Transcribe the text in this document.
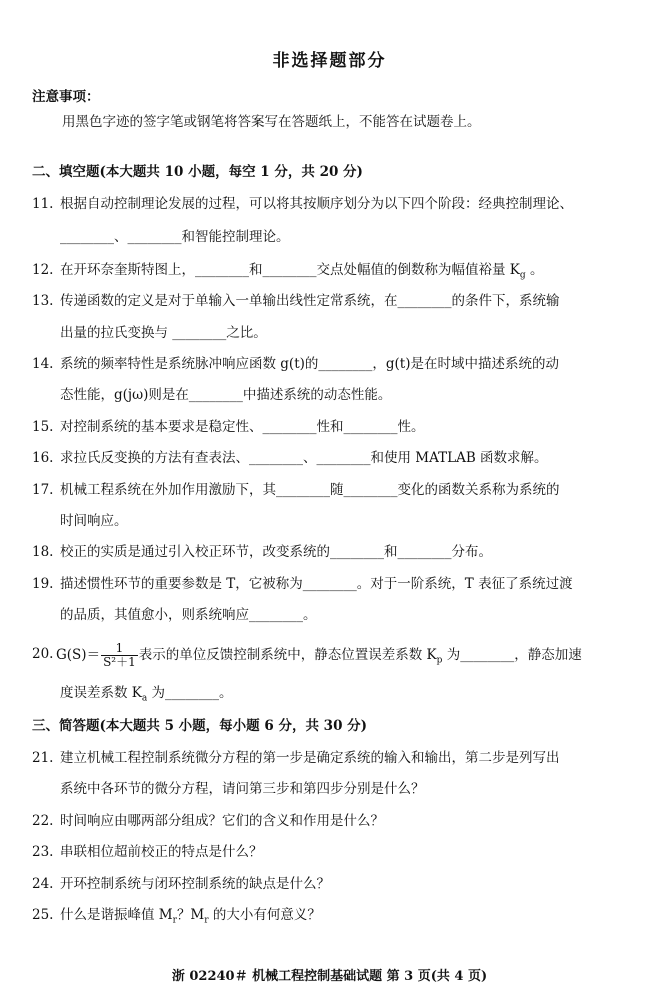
非选择题部分
注意事项：
用黑色字迹的签字笔或钢笔将答案写在答题纸上，不能答在试题卷上。
二、填空题(本大题共 10 小题，每空 1 分，共 20 分)
11. 根据自动控制理论发展的过程，可以将其按顺序划分为以下四个阶段：经典控制理论、
________、________和智能控制理论。
12. 在开环奈奎斯特图上，________和________交点处幅值的倒数称为幅值裕量 $K_g$ 。
13. 传递函数的定义是对于单输入一单输出线性定常系统，在________的条件下，系统输
出量的拉氏变换与 ________之比。
14. 系统的频率特性是系统脉冲响应函数 g(t)的________，g(t)是在时域中描述系统的动
态性能，g(jω)则是在________中描述系统的动态性能。
15. 对控制系统的基本要求是稳定性、________性和________性。
16. 求拉氏反变换的方法有查表法、________、________和使用 MATLAB 函数求解。
17. 机械工程系统在外加作用激励下，其________随________变化的函数关系称为系统的
时间响应。
18. 校正的实质是通过引入校正环节，改变系统的________和________分布。
19. 描述惯性环节的重要参数是 T，它被称为________。对于一阶系统，T 表征了系统过渡
的品质，其值愈小，则系统响应________。
20. $G(S)= \frac{1}{\text{S²＋1}}$ 表示的单位反馈控制系统中，静态位置误差系数 $K_p$ 为________，静态加速
度误差系数 $K_a$ 为________。
三、简答题(本大题共 5 小题，每小题 6 分，共 30 分)
21. 建立机械工程控制系统微分方程的第一步是确定系统的输入和输出，第二步是列写出
系统中各环节的微分方程，请问第三步和第四步分别是什么？
22. 时间响应由哪两部分组成？它们的含义和作用是什么？
23. 串联相位超前校正的特点是什么？
24. 开环控制系统与闭环控制系统的缺点是什么？
25. 什么是谐振峰值 $M_r$？$M_r$ 的大小有何意义？
浙 02240＃ 机械工程控制基础试题 第 3 页(共 4 页)
